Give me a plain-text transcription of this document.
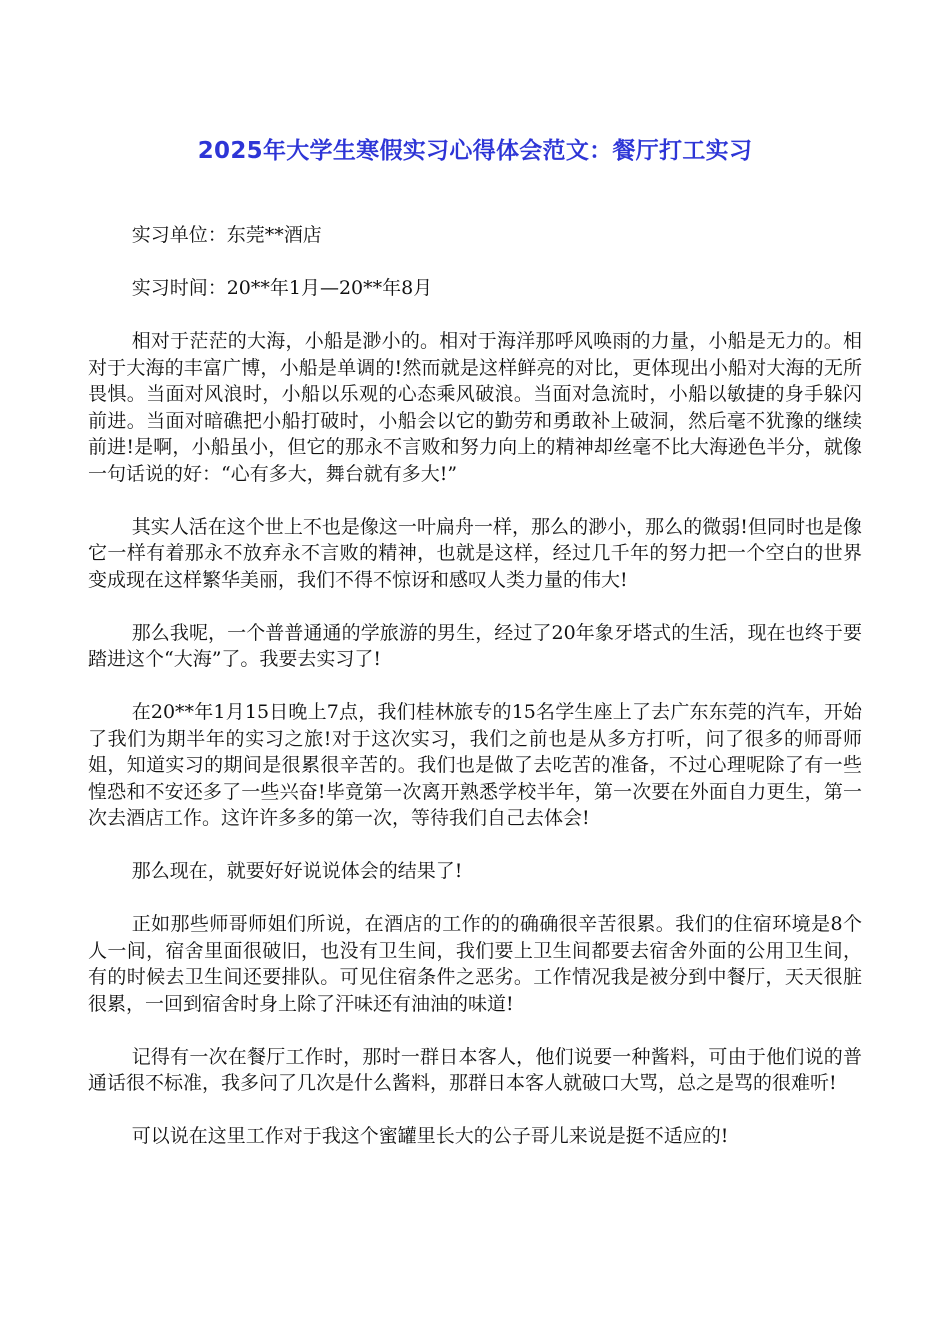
2025年大学生寒假实习心得体会范文：餐厅打工实习

实习单位：东莞**酒店

实习时间：20**年1月—20**年8月

相对于茫茫的大海，小船是渺小的。相对于海洋那呼风唤雨的力量，小船是无力的。相对于大海的丰富广博，小船是单调的!然而就是这样鲜亮的对比，更体现出小船对大海的无所畏惧。当面对风浪时，小船以乐观的心态乘风破浪。当面对急流时，小船以敏捷的身手躲闪前进。当面对暗礁把小船打破时，小船会以它的勤劳和勇敢补上破洞，然后毫不犹豫的继续前进!是啊，小船虽小，但它的那永不言败和努力向上的精神却丝毫不比大海逊色半分，就像一句话说的好：“心有多大，舞台就有多大!”

其实人活在这个世上不也是像这一叶扁舟一样，那么的渺小，那么的微弱!但同时也是像它一样有着那永不放弃永不言败的精神，也就是这样，经过几千年的努力把一个空白的世界变成现在这样繁华美丽，我们不得不惊讶和感叹人类力量的伟大!

那么我呢，一个普普通通的学旅游的男生，经过了20年象牙塔式的生活，现在也终于要踏进这个“大海”了。我要去实习了!

在20**年1月15日晚上7点，我们桂林旅专的15名学生座上了去广东东莞的汽车，开始了我们为期半年的实习之旅!对于这次实习，我们之前也是从多方打听，问了很多的师哥师姐，知道实习的期间是很累很辛苦的。我们也是做了去吃苦的准备，不过心理呢除了有一些惶恐和不安还多了一些兴奋!毕竟第一次离开熟悉学校半年，第一次要在外面自力更生，第一次去酒店工作。这许许多多的第一次，等待我们自己去体会!

那么现在，就要好好说说体会的结果了!

正如那些师哥师姐们所说，在酒店的工作的的确确很辛苦很累。我们的住宿环境是8个人一间，宿舍里面很破旧，也没有卫生间，我们要上卫生间都要去宿舍外面的公用卫生间，有的时候去卫生间还要排队。可见住宿条件之恶劣。工作情况我是被分到中餐厅，天天很脏很累，一回到宿舍时身上除了汗味还有油油的味道!

记得有一次在餐厅工作时，那时一群日本客人，他们说要一种酱料，可由于他们说的普通话很不标准，我多问了几次是什么酱料，那群日本客人就破口大骂，总之是骂的很难听!

可以说在这里工作对于我这个蜜罐里长大的公子哥儿来说是挺不适应的!
